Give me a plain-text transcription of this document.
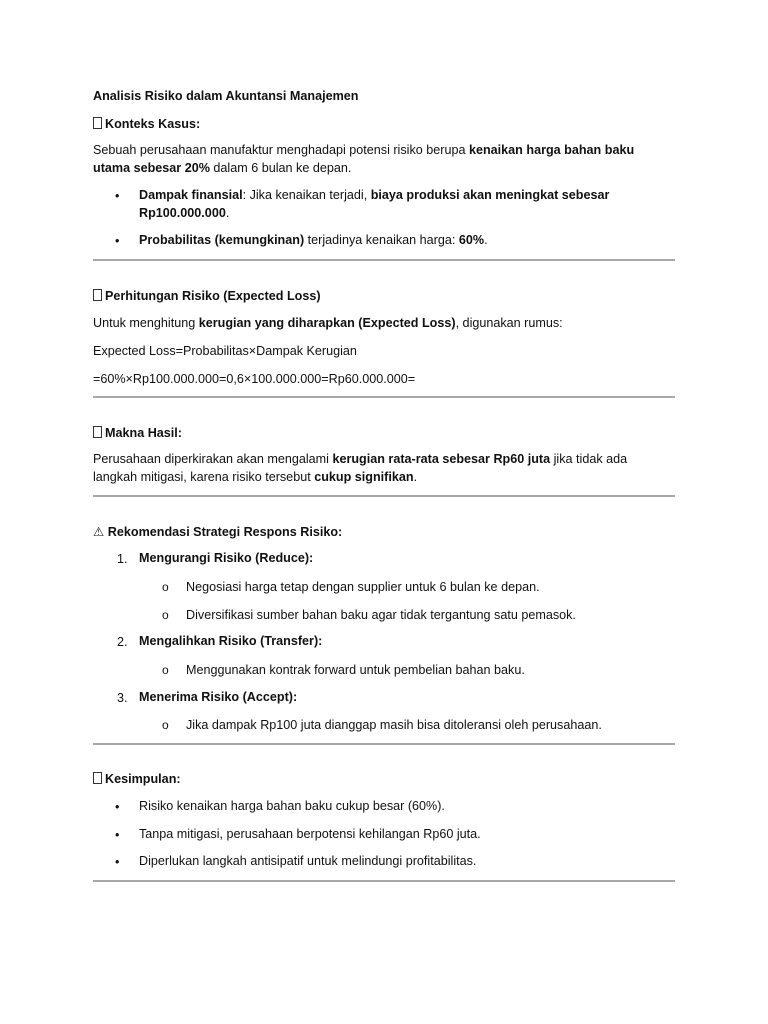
Analisis Risiko dalam Akuntansi Manajemen
Konteks Kasus:
Sebuah perusahaan manufaktur menghadapi potensi risiko berupa kenaikan harga bahan baku
utama sebesar 20% dalam 6 bulan ke depan.
•	Dampak finansial: Jika kenaikan terjadi, biaya produksi akan meningkat sebesar
Rp100.000.000.
•	Probabilitas (kemungkinan) terjadinya kenaikan harga: 60%.
Perhitungan Risiko (Expected Loss)
Untuk menghitung kerugian yang diharapkan (Expected Loss), digunakan rumus:
Expected Loss=Probabilitas×Dampak Kerugian
=60%×Rp100.000.000=0,6×100.000.000=Rp60.000.000=
Makna Hasil:
Perusahaan diperkirakan akan mengalami kerugian rata-rata sebesar Rp60 juta jika tidak ada
langkah mitigasi, karena risiko tersebut cukup signifikan.
⚠ Rekomendasi Strategi Respons Risiko:
1. Mengurangi Risiko (Reduce):
o Negosiasi harga tetap dengan supplier untuk 6 bulan ke depan.
o Diversifikasi sumber bahan baku agar tidak tergantung satu pemasok.
2. Mengalihkan Risiko (Transfer):
o Menggunakan kontrak forward untuk pembelian bahan baku.
3. Menerima Risiko (Accept):
o Jika dampak Rp100 juta dianggap masih bisa ditoleransi oleh perusahaan.
Kesimpulan:
•	Risiko kenaikan harga bahan baku cukup besar (60%).
•	Tanpa mitigasi, perusahaan berpotensi kehilangan Rp60 juta.
•	Diperlukan langkah antisipatif untuk melindungi profitabilitas.
